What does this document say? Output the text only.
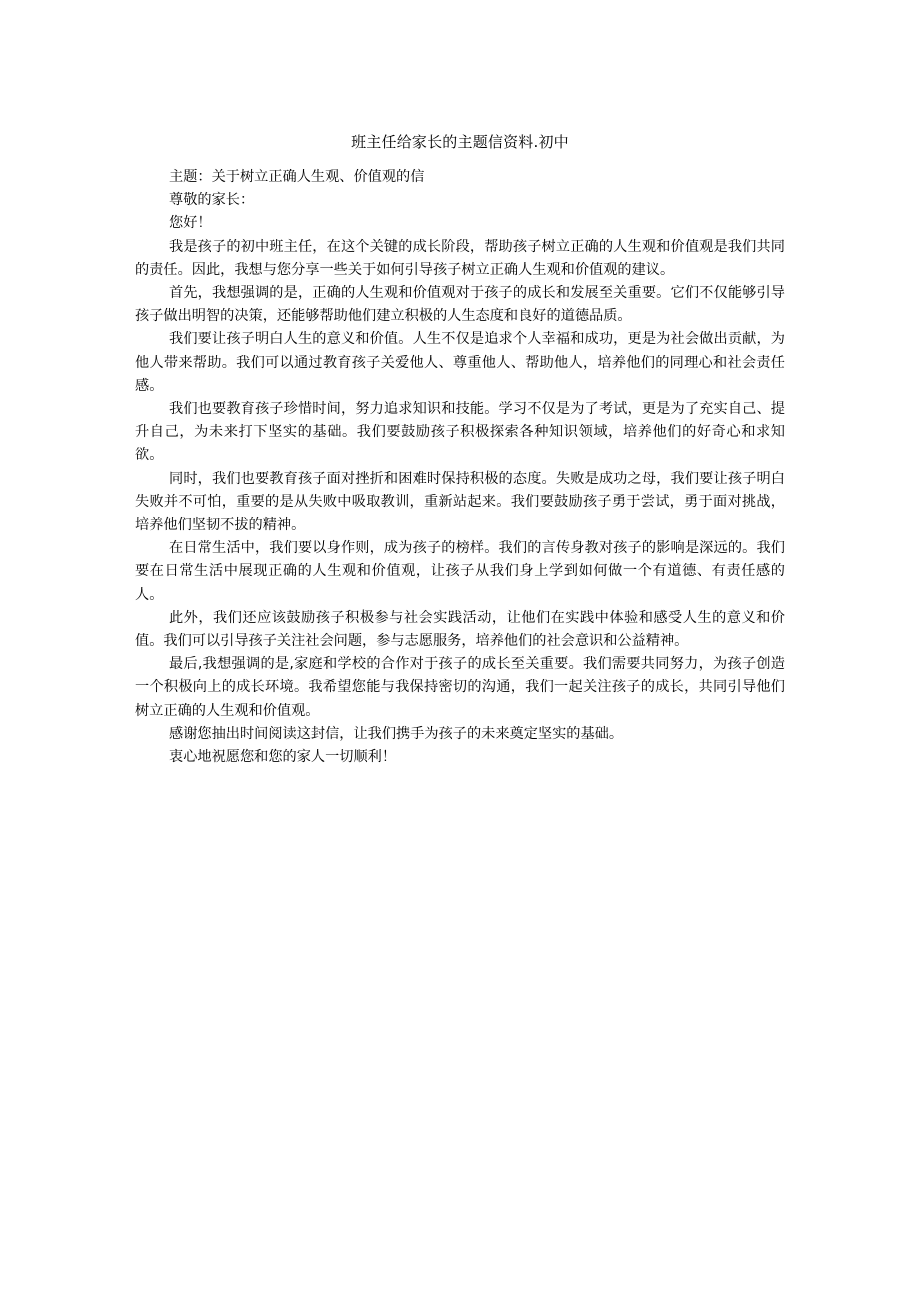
班主任给家长的主题信资料.初中

主题：关于树立正确人生观、价值观的信

尊敬的家长：

您好！

我是孩子的初中班主任，在这个关键的成长阶段，帮助孩子树立正确的人生观和价值观是我们共同的责任。因此，我想与您分享一些关于如何引导孩子树立正确人生观和价值观的建议。

首先，我想强调的是，正确的人生观和价值观对于孩子的成长和发展至关重要。它们不仅能够引导孩子做出明智的决策，还能够帮助他们建立积极的人生态度和良好的道德品质。

我们要让孩子明白人生的意义和价值。人生不仅是追求个人幸福和成功，更是为社会做出贡献，为他人带来帮助。我们可以通过教育孩子关爱他人、尊重他人、帮助他人，培养他们的同理心和社会责任感。

我们也要教育孩子珍惜时间，努力追求知识和技能。学习不仅是为了考试，更是为了充实自己、提升自己，为未来打下坚实的基础。我们要鼓励孩子积极探索各种知识领域，培养他们的好奇心和求知欲。

同时，我们也要教育孩子面对挫折和困难时保持积极的态度。失败是成功之母，我们要让孩子明白失败并不可怕，重要的是从失败中吸取教训，重新站起来。我们要鼓励孩子勇于尝试，勇于面对挑战，培养他们坚韧不拔的精神。

在日常生活中，我们要以身作则，成为孩子的榜样。我们的言传身教对孩子的影响是深远的。我们要在日常生活中展现正确的人生观和价值观，让孩子从我们身上学到如何做一个有道德、有责任感的人。

此外，我们还应该鼓励孩子积极参与社会实践活动，让他们在实践中体验和感受人生的意义和价值。我们可以引导孩子关注社会问题，参与志愿服务，培养他们的社会意识和公益精神。

最后,我想强调的是,家庭和学校的合作对于孩子的成长至关重要。我们需要共同努力，为孩子创造一个积极向上的成长环境。我希望您能与我保持密切的沟通，我们一起关注孩子的成长，共同引导他们树立正确的人生观和价值观。

感谢您抽出时间阅读这封信，让我们携手为孩子的未来奠定坚实的基础。

衷心地祝愿您和您的家人一切顺利！
